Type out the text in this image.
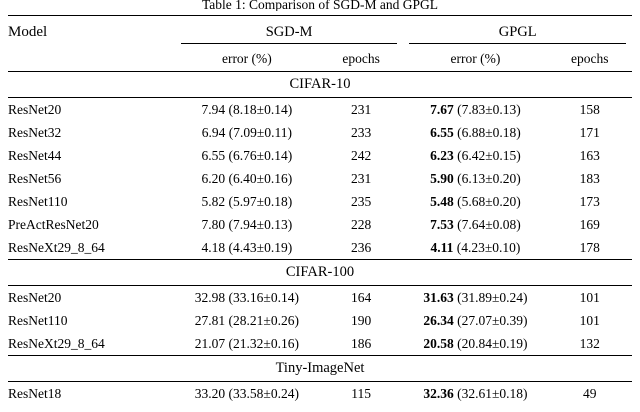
Table 1: Comparison of SGD-M and GPGL

Model	SGD-M		GPGL	

	error (%)	epochs	error (%)	epochs
CIFAR-10				
ResNet20	7.94 (8.18±0.14)	231	7.67 (7.83±0.13)	158
ResNet32	6.94 (7.09±0.11)	233	6.55 (6.88±0.18)	171
ResNet44	6.55 (6.76±0.14)	242	6.23 (6.42±0.15)	163
ResNet56	6.20 (6.40±0.16)	231	5.90 (6.13±0.20)	183
ResNet110	5.82 (5.97±0.18)	235	5.48 (5.68±0.20)	173
PreActResNet20	7.80 (7.94±0.13)	228	7.53 (7.64±0.08)	169
ResNeXt29_8_64	4.18 (4.43±0.19)	236	4.11 (4.23±0.10)	178
CIFAR-100				
ResNet20	32.98 (33.16±0.14)	164	31.63 (31.89±0.24)	101
ResNet110	27.81 (28.21±0.26)	190	26.34 (27.07±0.39)	101
ResNeXt29_8_64	21.07 (21.32±0.16)	186	20.58 (20.84±0.19)	132
Tiny-ImageNet				
ResNet18	33.20 (33.58±0.24)	115	32.36 (32.61±0.18)	49
